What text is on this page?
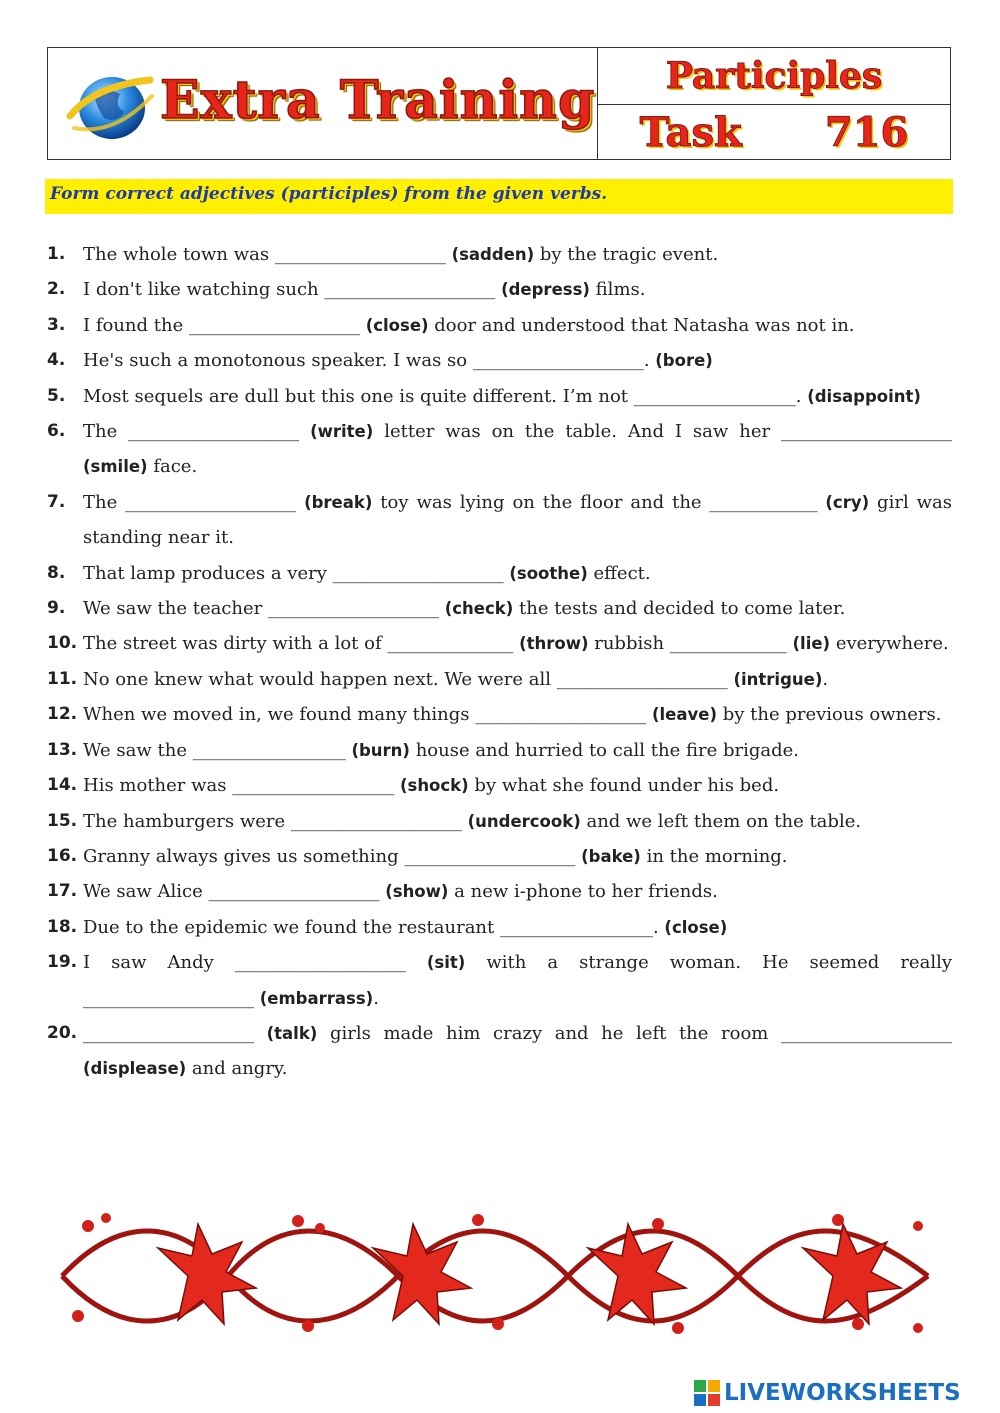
Extra Training	Participles
Task 716
Form correct adjectives (participles) from the given verbs.
1. The whole town was ___________________ (sadden) by the tragic event.
2. I don't like watching such ___________________ (depress) films.
3. I found the ___________________ (close) door and understood that Natasha was not in.
4. He's such a monotonous speaker. I was so ___________________. (bore)
5. Most sequels are dull but this one is quite different. I’m not __________________. (disappoint)
6. The ___________________ (write) letter was on the table. And I saw her ___________________ (smile) face.
7. The ___________________ (break) toy was lying on the floor and the ____________ (cry) girl was standing near it.
8. That lamp produces a very ___________________ (soothe) effect.
9. We saw the teacher ___________________ (check) the tests and decided to come later.
10. The street was dirty with a lot of ______________ (throw) rubbish _____________ (lie) everywhere.
11. No one knew what would happen next. We were all ___________________ (intrigue).
12. When we moved in, we found many things ___________________ (leave) by the previous owners.
13. We saw the _________________ (burn) house and hurried to call the fire brigade.
14. His mother was __________________ (shock) by what she found under his bed.
15. The hamburgers were ___________________ (undercook) and we left them on the table.
16. Granny always gives us something ___________________ (bake) in the morning.
17. We saw Alice ___________________ (show) a new i-phone to her friends.
18. Due to the epidemic we found the restaurant _________________. (close)
19. I saw Andy ___________________ (sit) with a strange woman. He seemed really ___________________ (embarrass).
20. ___________________ (talk) girls made him crazy and he left the room ___________________ (displease) and angry.
LIVEWORKSHEETS
